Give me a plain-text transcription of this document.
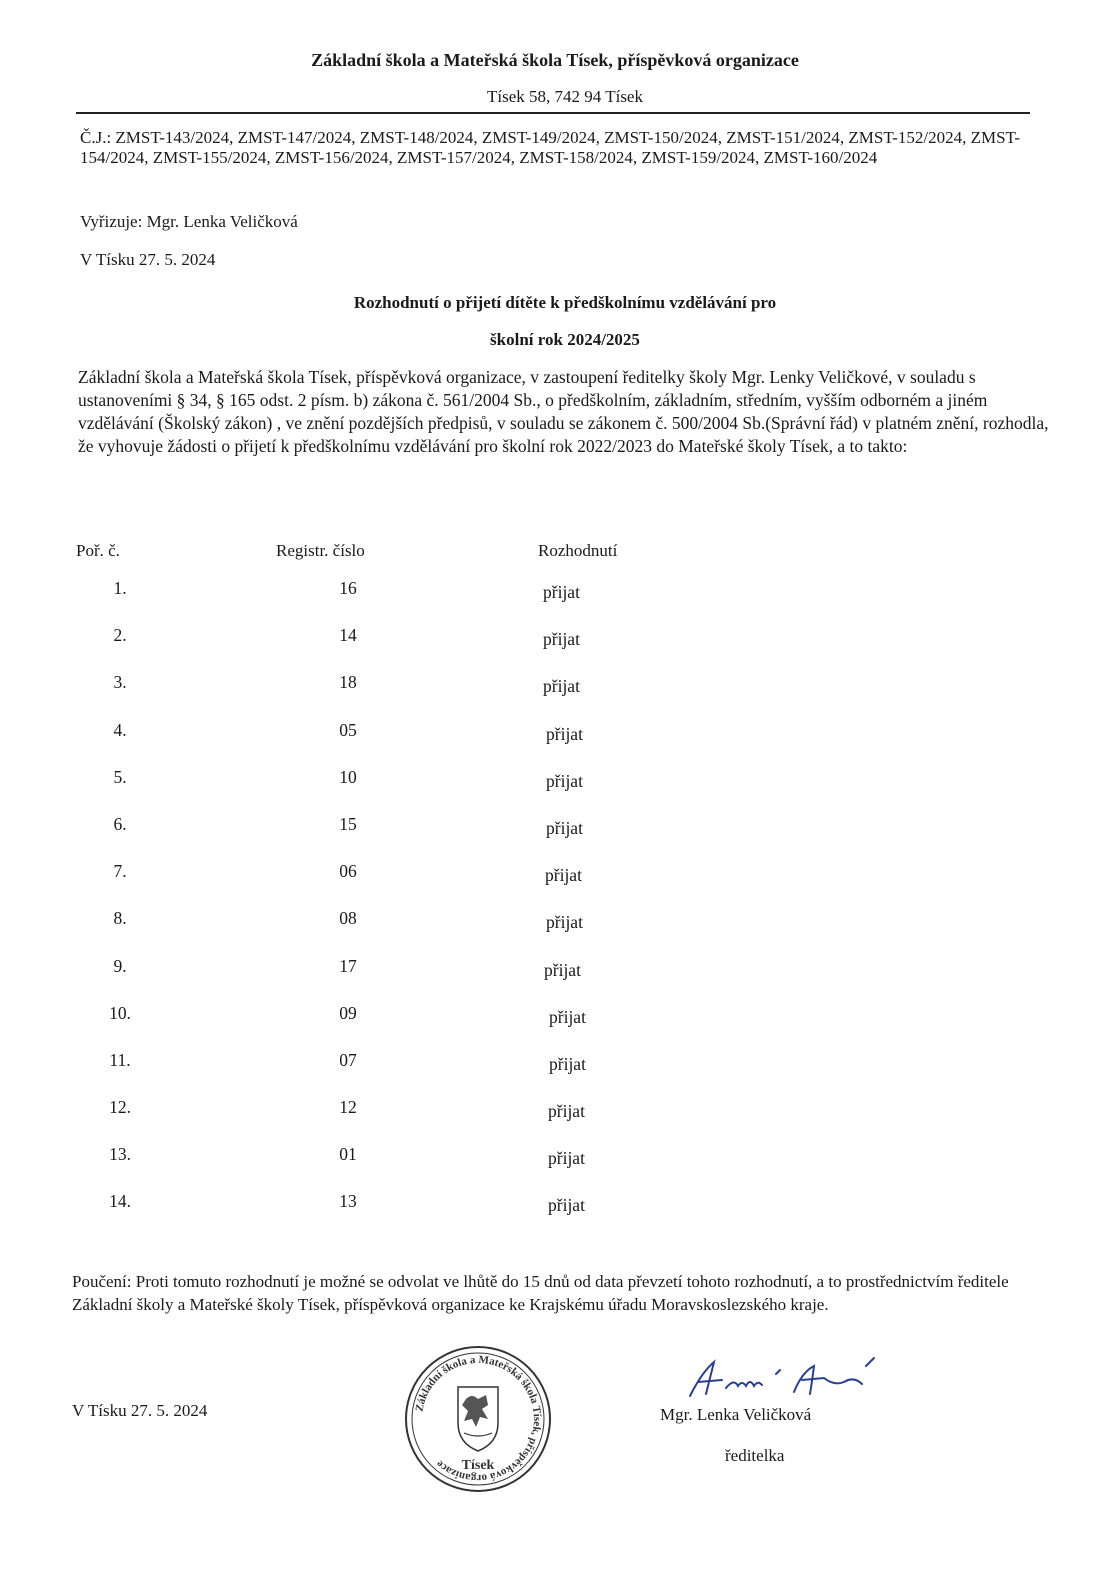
Základní škola a Mateřská škola Tísek, příspěvková organizace
Tísek 58, 742 94 Tísek
Č.J.: ZMST-143/2024, ZMST-147/2024, ZMST-148/2024, ZMST-149/2024, ZMST-150/2024, ZMST-151/2024, ZMST-152/2024, ZMST-154/2024, ZMST-155/2024, ZMST-156/2024, ZMST-157/2024, ZMST-158/2024, ZMST-159/2024, ZMST-160/2024
Vyřizuje: Mgr. Lenka Veličková
V Tísku 27. 5. 2024
Rozhodnutí o přijetí dítěte k předškolnímu vzdělávání pro
školní rok 2024/2025
Základní škola a Mateřská škola Tísek, příspěvková organizace, v zastoupení ředitelky školy Mgr. Lenky Veličkové, v souladu s ustanoveními § 34, § 165 odst. 2 písm. b) zákona č. 561/2004 Sb., o předškolním, základním, středním, vyšším odborném a jiném vzdělávání (Školský zákon) , ve znění pozdějších předpisů, v souladu se zákonem č. 500/2004 Sb.(Správní řád) v platném znění, rozhodla, že vyhovuje žádosti o přijetí k předškolnímu vzdělávání pro školní rok 2022/2023 do Mateřské školy Tísek, a to takto:
Poř. č.	Registr. číslo	Rozhodnutí
1.	16	přijat
2.	14	přijat
3.	18	přijat
4.	05	přijat
5.	10	přijat
6.	15	přijat
7.	06	přijat
8.	08	přijat
9.	17	přijat
10.	09	přijat
11.	07	přijat
12.	12	přijat
13.	01	přijat
14.	13	přijat
Poučení: Proti tomuto rozhodnutí je možné se odvolat ve lhůtě do 15 dnů od data převzetí tohoto rozhodnutí, a to prostřednictvím ředitele Základní školy a Mateřské školy Tísek, příspěvková organizace ke Krajskému úřadu Moravskoslezského kraje.
V Tísku 27. 5. 2024	Základní škola a Mateřská škola Tísek, příspěvková organizace	Tísek
Mgr. Lenka Veličková
ředitelka
